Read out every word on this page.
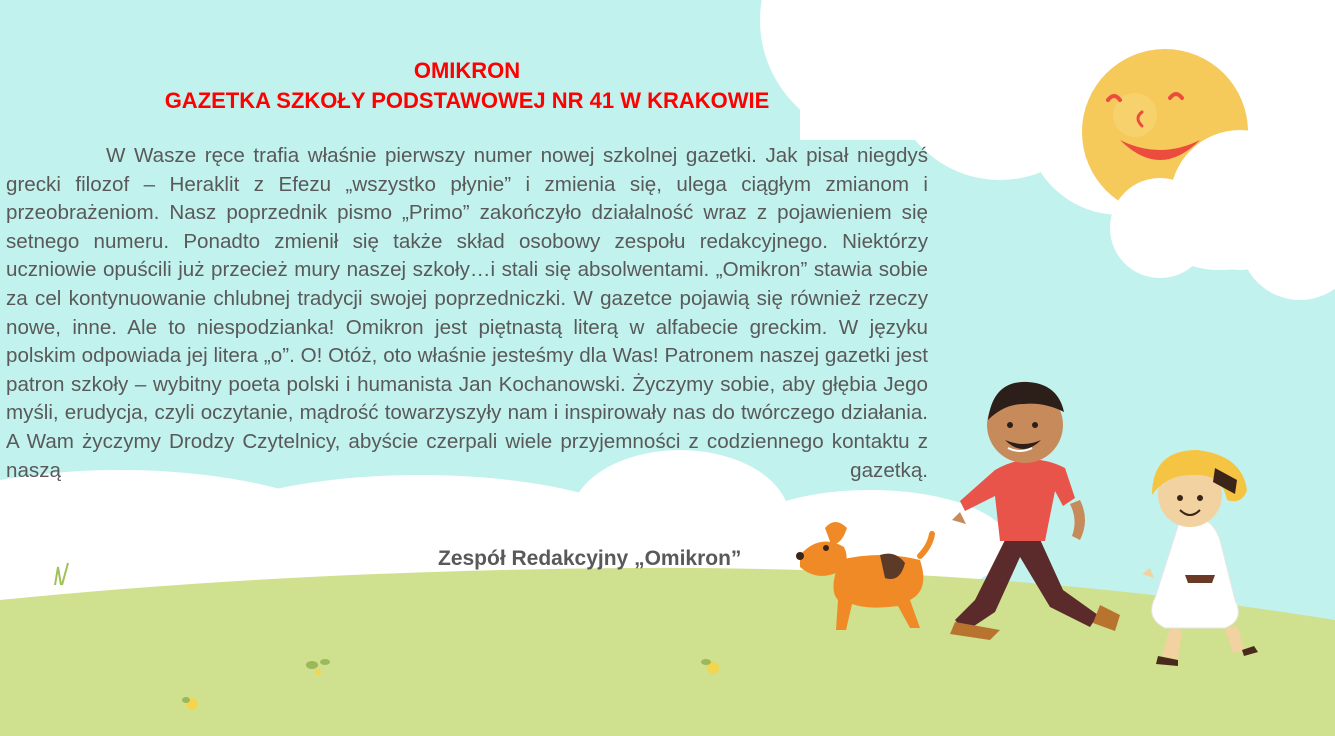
OMIKRON
GAZETKA SZKOŁY PODSTAWOWEJ NR 41 W KRAKOWIE

W Wasze ręce trafia właśnie pierwszy numer nowej szkolnej gazetki. Jak pisał niegdyś grecki filozof – Heraklit z Efezu „wszystko płynie” i zmienia się, ulega ciągłym zmianom i przeobrażeniom. Nasz poprzednik pismo „Primo” zakończyło działalność wraz z pojawieniem się setnego numeru. Ponadto zmienił się także skład osobowy zespołu redakcyjnego. Niektórzy uczniowie opuścili już przecież mury naszej szkoły…i stali się absolwentami. „Omikron” stawia sobie za cel kontynuowanie chlubnej tradycji swojej poprzedniczki. W gazetce pojawią się również rzeczy nowe, inne. Ale to niespodzianka! Omikron jest piętnastą literą w alfabecie greckim. W języku polskim odpowiada jej litera „o”. O! Otóż, oto właśnie jesteśmy dla Was! Patronem naszej gazetki jest patron szkoły – wybitny poeta polski i humanista Jan Kochanowski. Życzymy sobie, aby głębia Jego myśli, erudycja, czyli oczytanie, mądrość towarzyszyły nam i inspirowały nas do twórczego działania. A Wam życzymy Drodzy Czytelnicy, abyście czerpali wiele przyjemności z codziennego kontaktu z naszą gazetką.

Zespół Redakcyjny „Omikron”
